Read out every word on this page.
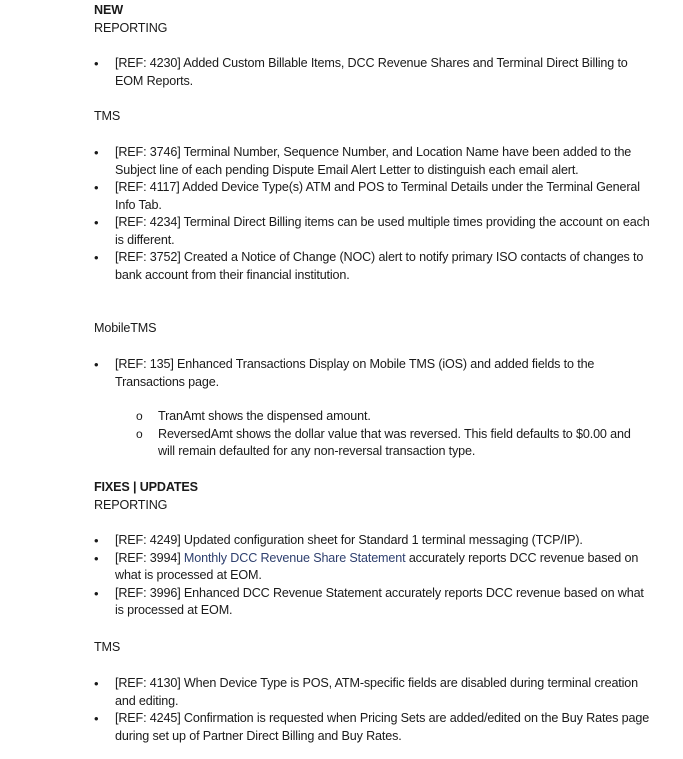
NEW
REPORTING
• [REF: 4230] Added Custom Billable Items, DCC Revenue Shares and Terminal Direct Billing to EOM Reports.
TMS
• [REF: 3746] Terminal Number, Sequence Number, and Location Name have been added to the Subject line of each pending Dispute Email Alert Letter to distinguish each email alert.
• [REF: 4117] Added Device Type(s) ATM and POS to Terminal Details under the Terminal General Info Tab.
• [REF: 4234] Terminal Direct Billing items can be used multiple times providing the account on each is different.
• [REF: 3752] Created a Notice of Change (NOC) alert to notify primary ISO contacts of changes to bank account from their financial institution.
MobileTMS
• [REF: 135] Enhanced Transactions Display on Mobile TMS (iOS) and added fields to the Transactions page.
o TranAmt shows the dispensed amount.
o ReversedAmt shows the dollar value that was reversed. This field defaults to $0.00 and will remain defaulted for any non-reversal transaction type.
FIXES | UPDATES
REPORTING
• [REF: 4249] Updated configuration sheet for Standard 1 terminal messaging (TCP/IP).
• [REF: 3994] Monthly DCC Revenue Share Statement accurately reports DCC revenue based on what is processed at EOM.
• [REF: 3996] Enhanced DCC Revenue Statement accurately reports DCC revenue based on what is processed at EOM.
TMS
• [REF: 4130] When Device Type is POS, ATM-specific fields are disabled during terminal creation and editing.
• [REF: 4245] Confirmation is requested when Pricing Sets are added/edited on the Buy Rates page during set up of Partner Direct Billing and Buy Rates.
